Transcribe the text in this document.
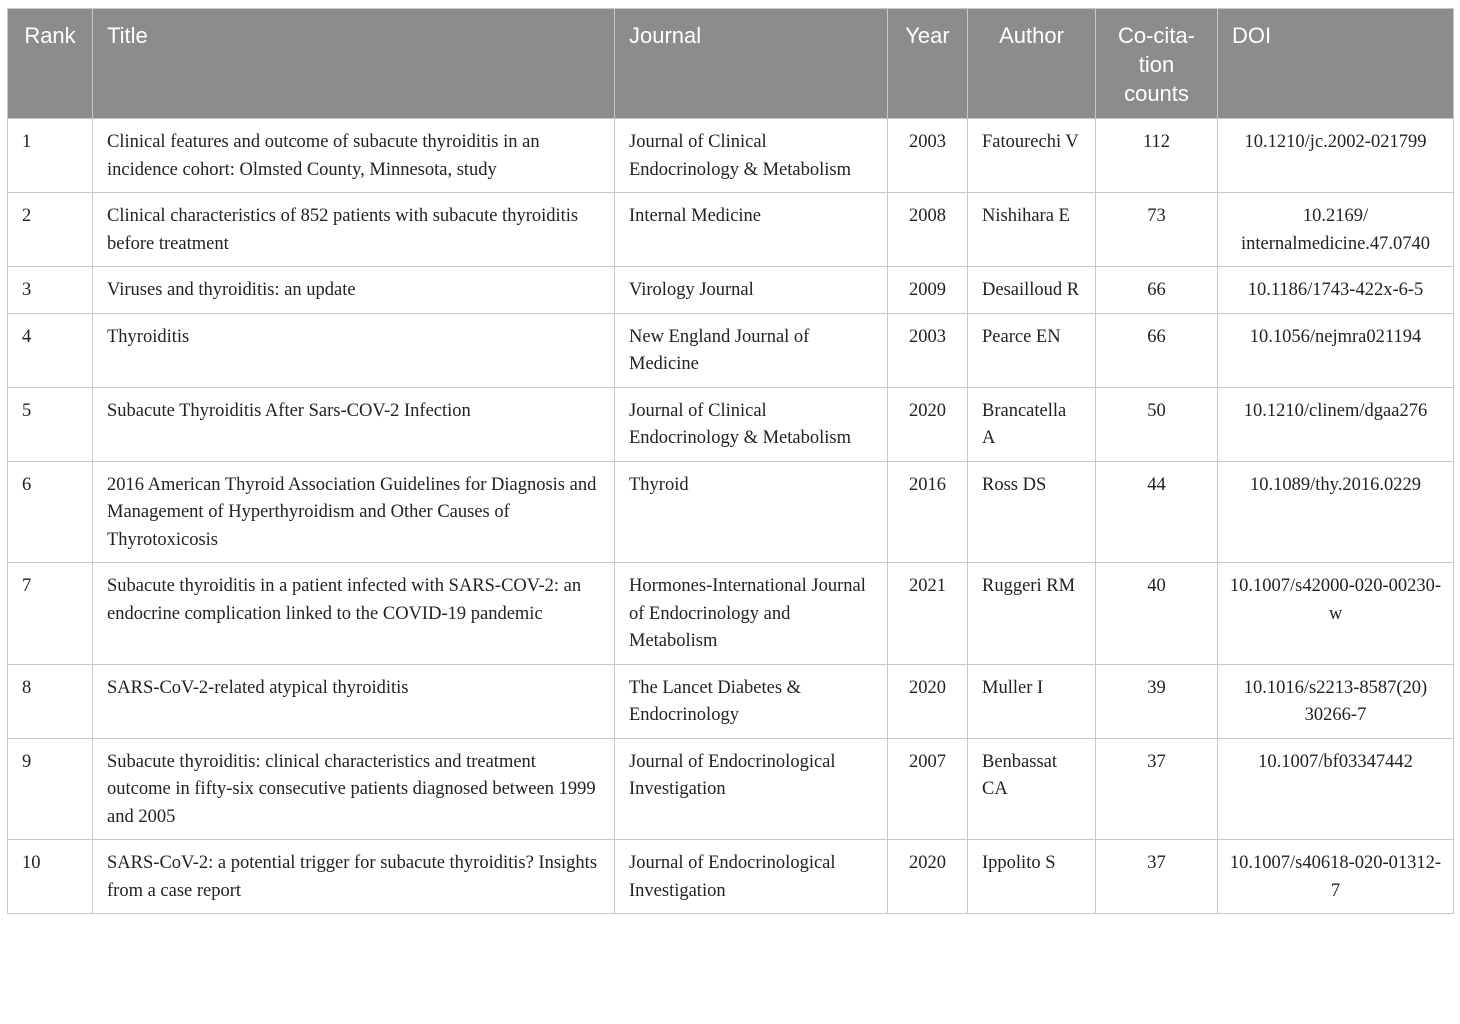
Rank	Title	Journal	Year	Author	Co-cita-tion counts	DOI
1	Clinical features and outcome of subacute thyroiditis in an incidence cohort: Olmsted County, Minnesota, study	Journal of Clinical Endocrinology & Metabolism	2003	Fatourechi V	112	10.1210/jc.2002-021799
2	Clinical characteristics of 852 patients with subacute thyroiditis before treatment	Internal Medicine	2008	Nishihara E	73	10.2169/ internalmedicine.47.0740
3	Viruses and thyroiditis: an update	Virology Journal	2009	Desailloud R	66	10.1186/1743-422x-6-5
4	Thyroiditis	New England Journal of Medicine	2003	Pearce EN	66	10.1056/nejmra021194
5	Subacute Thyroiditis After Sars-COV-2 Infection	Journal of Clinical Endocrinology & Metabolism	2020	Brancatella A	50	10.1210/clinem/dgaa276
6	2016 American Thyroid Association Guidelines for Diagnosis and Management of Hyperthyroidism and Other Causes of Thyrotoxicosis	Thyroid	2016	Ross DS	44	10.1089/thy.2016.0229
7	Subacute thyroiditis in a patient infected with SARS-COV-2: an endocrine complication linked to the COVID-19 pandemic	Hormones-International Journal of Endocrinology and Metabolism	2021	Ruggeri RM	40	10.1007/s42000-020-00230-w
8	SARS-CoV-2-related atypical thyroiditis	The Lancet Diabetes & Endocrinology	2020	Muller I	39	10.1016/s2213-8587(20) 30266-7
9	Subacute thyroiditis: clinical characteristics and treatment outcome in fifty-six consecutive patients diagnosed between 1999 and 2005	Journal of Endocrinological Investigation	2007	Benbassat CA	37	10.1007/bf03347442
10	SARS-CoV-2: a potential trigger for subacute thyroiditis? Insights from a case report	Journal of Endocrinological Investigation	2020	Ippolito S	37	10.1007/s40618-020-01312-7
